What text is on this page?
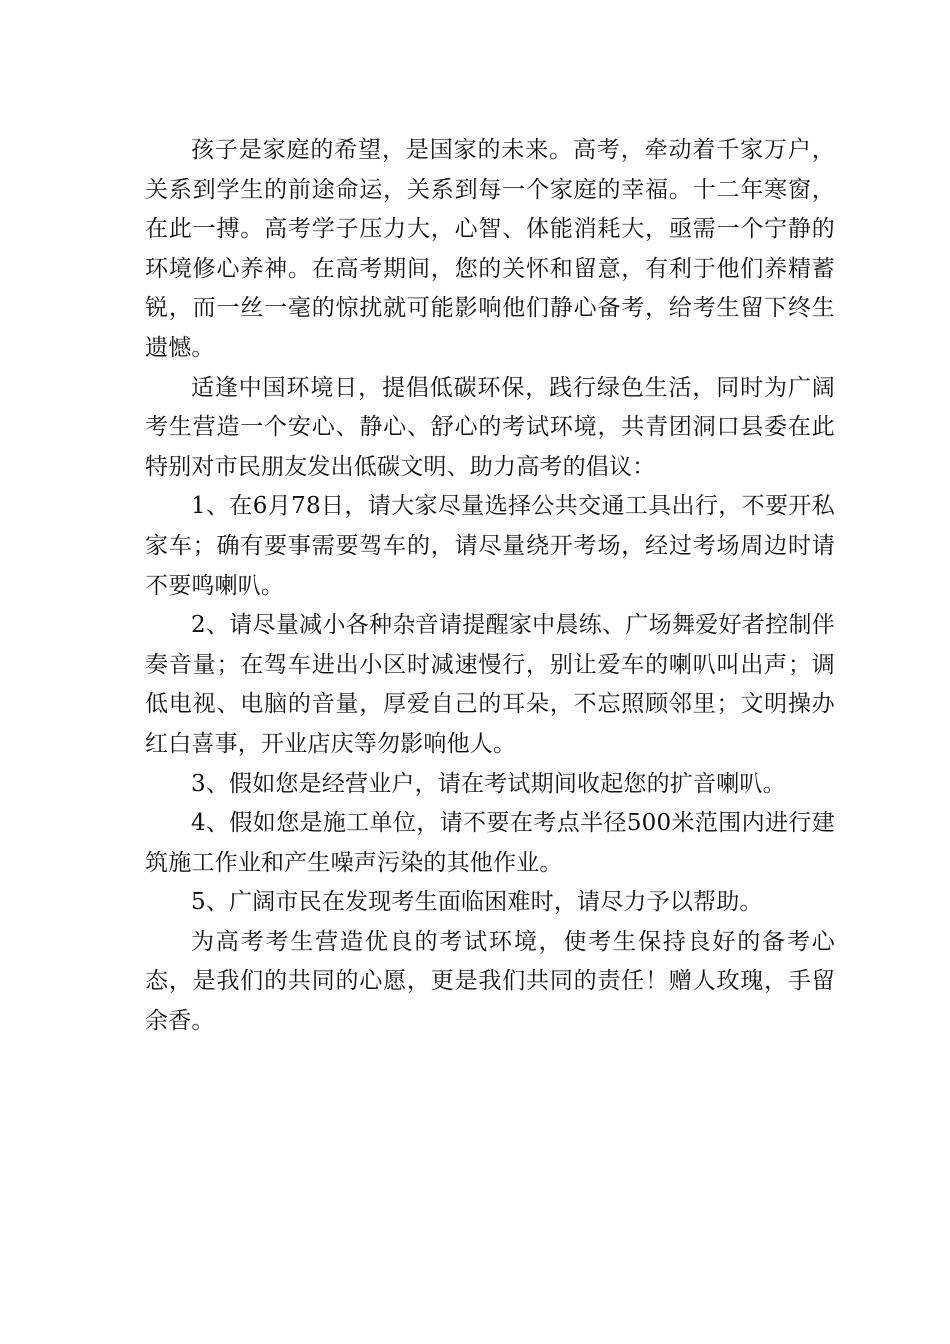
孩子是家庭的希望，是国家的未来。高考，牵动着千家万户，关系到学生的前途命运，关系到每一个家庭的幸福。十二年寒窗，在此一搏。高考学子压力大，心智、体能消耗大，亟需一个宁静的环境修心养神。在高考期间，您的关怀和留意，有利于他们养精蓄锐，而一丝一毫的惊扰就可能影响他们静心备考，给考生留下终生遗憾。

适逢中国环境日，提倡低碳环保，践行绿色生活，同时为广阔考生营造一个安心、静心、舒心的考试环境，共青团洞口县委在此特别对市民朋友发出低碳文明、助力高考的倡议：

1、在6月78日，请大家尽量选择公共交通工具出行，不要开私家车；确有要事需要驾车的，请尽量绕开考场，经过考场周边时请不要鸣喇叭。

2、请尽量减小各种杂音请提醒家中晨练、广场舞爱好者控制伴奏音量；在驾车进出小区时减速慢行，别让爱车的喇叭叫出声；调低电视、电脑的音量，厚爱自己的耳朵，不忘照顾邻里；文明操办红白喜事，开业店庆等勿影响他人。

3、假如您是经营业户，请在考试期间收起您的扩音喇叭。

4、假如您是施工单位，请不要在考点半径500米范围内进行建筑施工作业和产生噪声污染的其他作业。

5、广阔市民在发现考生面临困难时，请尽力予以帮助。

为高考考生营造优良的考试环境，使考生保持良好的备考心态，是我们的共同的心愿，更是我们共同的责任！赠人玫瑰，手留余香。
